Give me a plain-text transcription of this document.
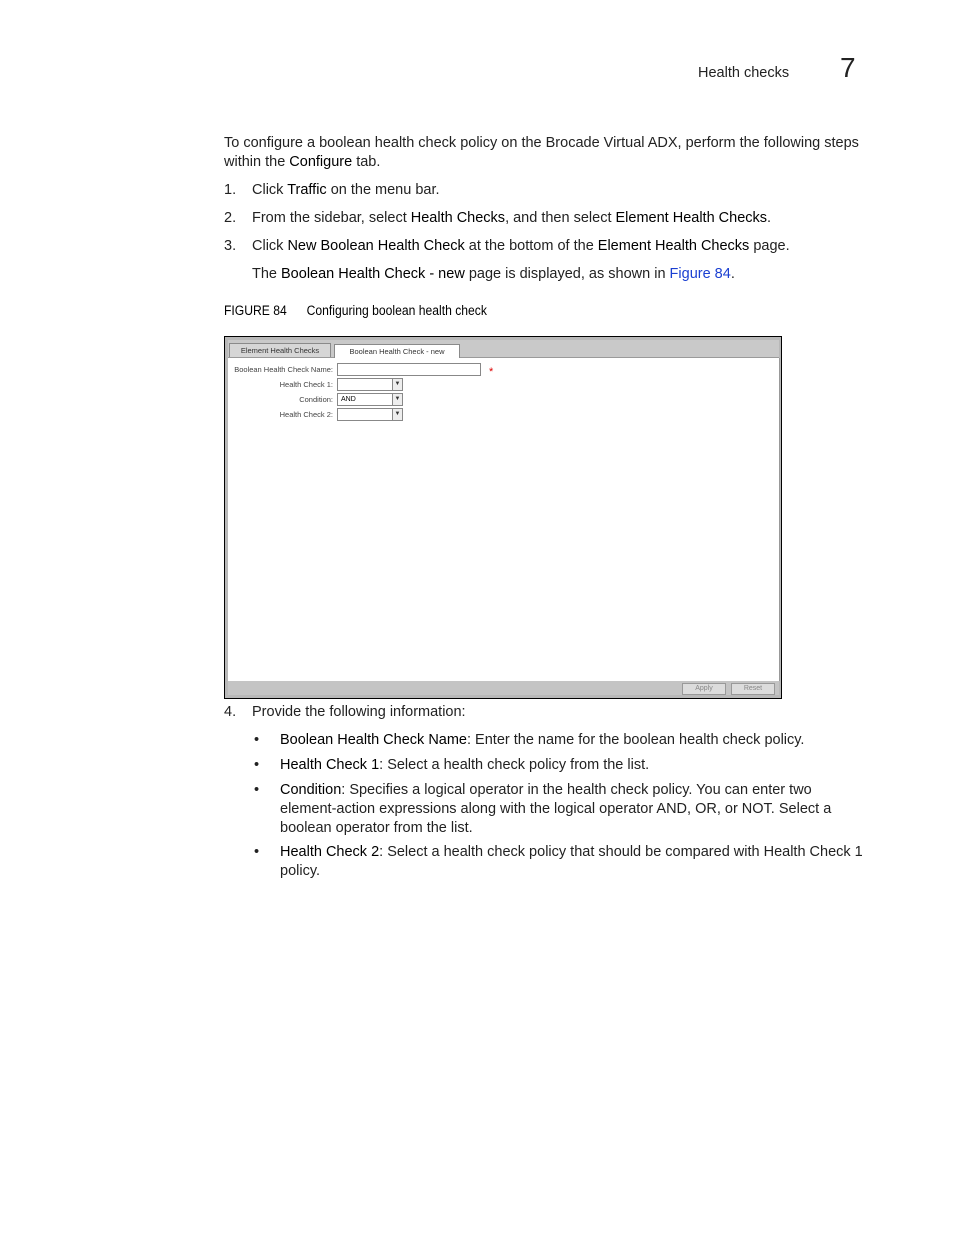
Health checks 7
To configure a boolean health check policy on the Brocade Virtual ADX, perform the following steps within the Configure tab.
1. Click Traffic on the menu bar.
2. From the sidebar, select Health Checks, and then select Element Health Checks.
3. Click New Boolean Health Check at the bottom of the Element Health Checks page.
The Boolean Health Check - new page is displayed, as shown in Figure 84.
FIGURE 84 Configuring boolean health check
Element Health Checks	Boolean Health Check - new
Boolean Health Check Name:	*
Health Check 1:	▼
Condition:	AND	▼
Health Check 2:	▼
Apply	Reset
4. Provide the following information:
• Boolean Health Check Name: Enter the name for the boolean health check policy.
• Health Check 1: Select a health check policy from the list.
• Condition: Specifies a logical operator in the health check policy. You can enter two element-action expressions along with the logical operator AND, OR, or NOT. Select a boolean operator from the list.
• Health Check 2: Select a health check policy that should be compared with Health Check 1 policy.
